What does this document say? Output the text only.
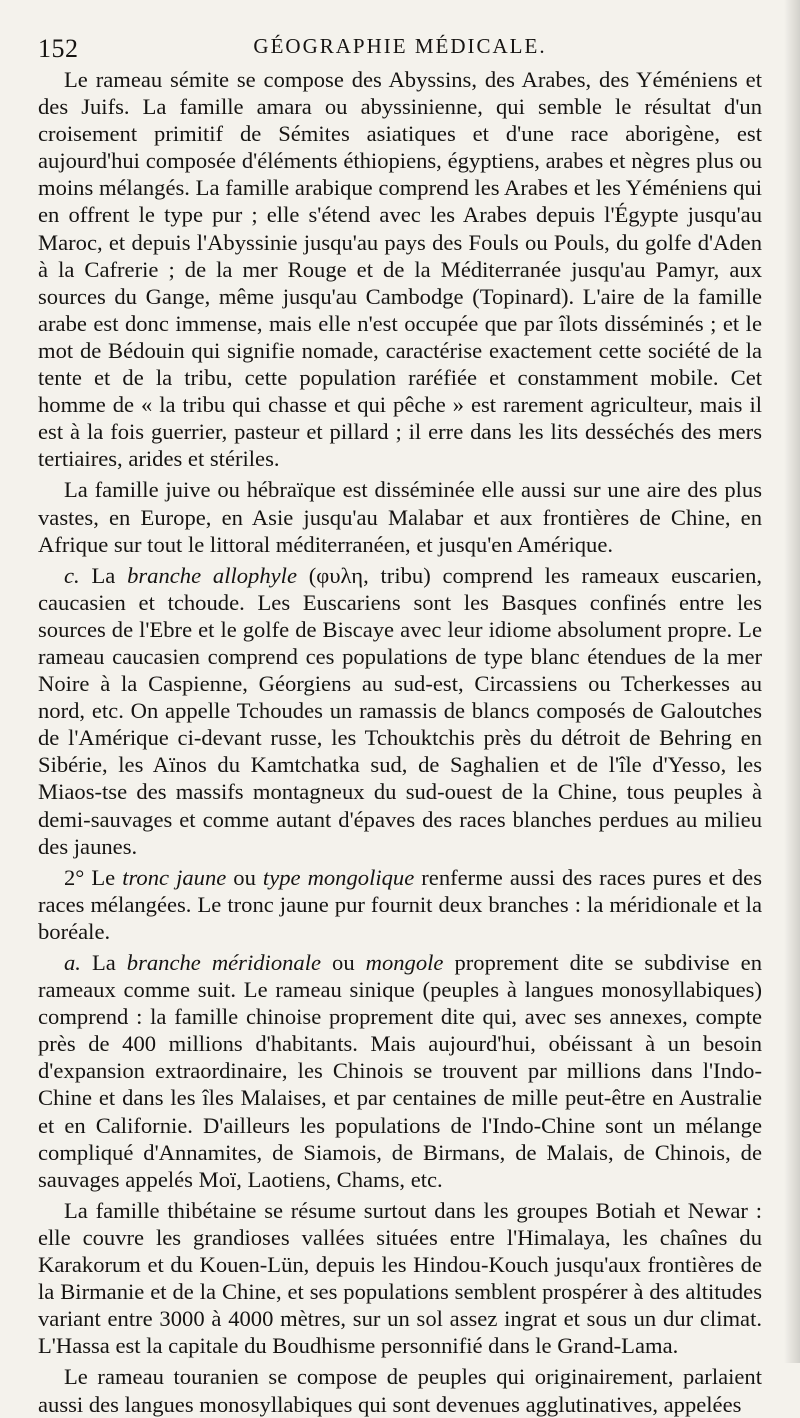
152	GÉOGRAPHIE MÉDICALE.

Le rameau sémite se compose des Abyssins, des Arabes, des Yéméniens et des Juifs. La famille amara ou abyssinienne, qui semble le résultat d'un croisement primitif de Sémites asiatiques et d'une race aborigène, est aujourd'hui composée d'éléments éthiopiens, égyptiens, arabes et nègres plus ou moins mélangés. La famille arabique comprend les Arabes et les Yéméniens qui en offrent le type pur ; elle s'étend avec les Arabes depuis l'Égypte jusqu'au Maroc, et depuis l'Abyssinie jusqu'au pays des Fouls ou Pouls, du golfe d'Aden à la Cafrerie ; de la mer Rouge et de la Méditerranée jusqu'au Pamyr, aux sources du Gange, même jusqu'au Cambodge (Topinard). L'aire de la famille arabe est donc immense, mais elle n'est occupée que par îlots disséminés ; et le mot de Bédouin qui signifie nomade, caractérise exactement cette société de la tente et de la tribu, cette population raréfiée et constamment mobile. Cet homme de « la tribu qui chasse et qui pêche » est rarement agriculteur, mais il est à la fois guerrier, pasteur et pillard ; il erre dans les lits desséchés des mers tertiaires, arides et stériles.

La famille juive ou hébraïque est disséminée elle aussi sur une aire des plus vastes, en Europe, en Asie jusqu'au Malabar et aux frontières de Chine, en Afrique sur tout le littoral méditerranéen, et jusqu'en Amérique.

c. La branche allophyle (φυλη, tribu) comprend les rameaux euscarien, caucasien et tchoude. Les Euscariens sont les Basques confinés entre les sources de l'Ebre et le golfe de Biscaye avec leur idiome absolument propre. Le rameau caucasien comprend ces populations de type blanc étendues de la mer Noire à la Caspienne, Géorgiens au sud-est, Circassiens ou Tcherkesses au nord, etc. On appelle Tchoudes un ramassis de blancs composés de Galoutches de l'Amérique ci-devant russe, les Tchouktchis près du détroit de Behring en Sibérie, les Aïnos du Kamtchatka sud, de Saghalien et de l'île d'Yesso, les Miaos-tse des massifs montagneux du sud-ouest de la Chine, tous peuples à demi-sauvages et comme autant d'épaves des races blanches perdues au milieu des jaunes.

2° Le tronc jaune ou type mongolique renferme aussi des races pures et des races mélangées. Le tronc jaune pur fournit deux branches : la méridionale et la boréale.

a. La branche méridionale ou mongole proprement dite se subdivise en rameaux comme suit. Le rameau sinique (peuples à langues monosyllabiques) comprend : la famille chinoise proprement dite qui, avec ses annexes, compte près de 400 millions d'habitants. Mais aujourd'hui, obéissant à un besoin d'expansion extraordinaire, les Chinois se trouvent par millions dans l'Indo-Chine et dans les îles Malaises, et par centaines de mille peut-être en Australie et en Californie. D'ailleurs les populations de l'Indo-Chine sont un mélange compliqué d'Annamites, de Siamois, de Birmans, de Malais, de Chinois, de sauvages appelés Moï, Laotiens, Chams, etc.

La famille thibétaine se résume surtout dans les groupes Botiah et Newar : elle couvre les grandioses vallées situées entre l'Himalaya, les chaînes du Karakorum et du Kouen-Lün, depuis les Hindou-Kouch jusqu'aux frontières de la Birmanie et de la Chine, et ses populations semblent prospérer à des altitudes variant entre 3000 à 4000 mètres, sur un sol assez ingrat et sous un dur climat. L'Hassa est la capitale du Boudhisme personnifié dans le Grand-Lama.

Le rameau touranien se compose de peuples qui originairement, parlaient aussi des langues monosyllabiques qui sont devenues agglutinatives, appelées
